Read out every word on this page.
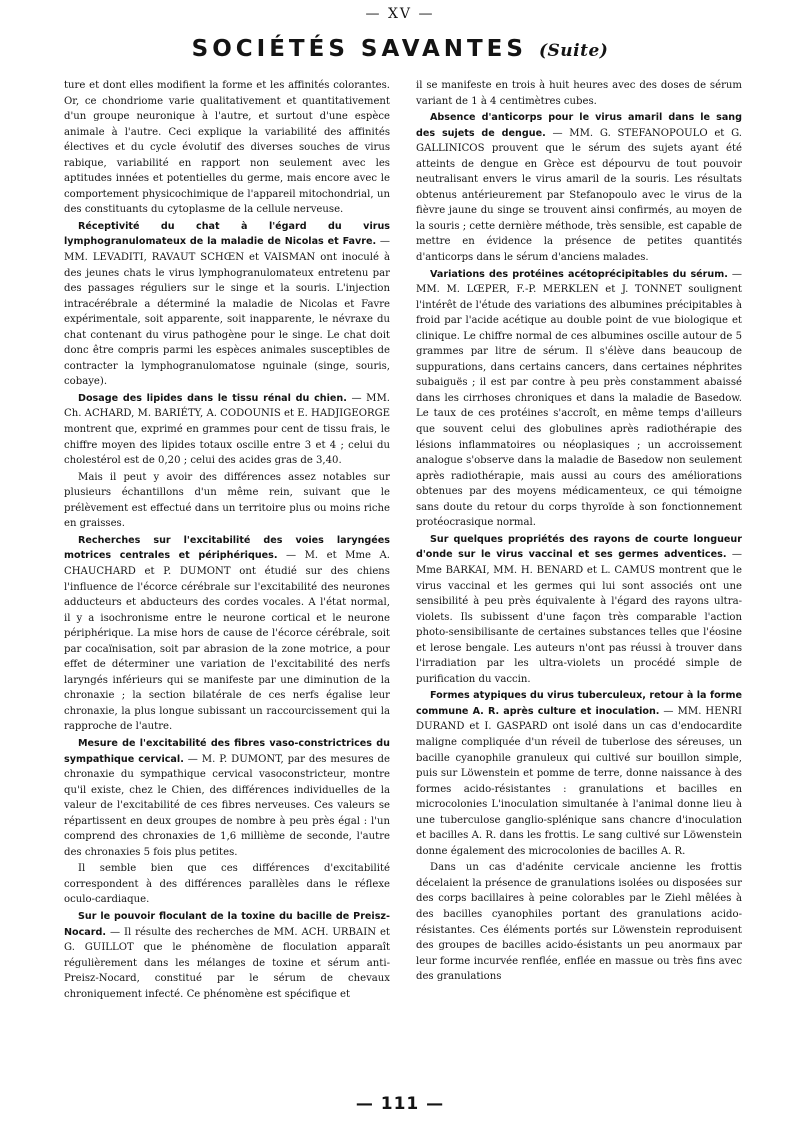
— XV —
SOCIÉTÉS SAVANTES (Suite)

ture et dont elles modifient la forme et les affinités colorantes. Or, ce chondriome varie qualitativement et quantitativement d'un groupe neuronique à l'autre, et surtout d'une espèce animale à l'autre. Ceci explique la variabilité des affinités électives et du cycle évolutif des diverses souches de virus rabique, variabilité en rapport non seulement avec les aptitudes innées et potentielles du germe, mais encore avec le comportement physicochimique de l'appareil mitochondrial, un des constituants du cytoplasme de la cellule nerveuse.

Réceptivité du chat à l'égard du virus lymphogranulomateux de la maladie de Nicolas et Favre. — MM. LEVADITI, RAVAUT SCHŒN et VAISMAN ont inoculé à des jeunes chats le virus lymphogranulomateux entretenu par des passages réguliers sur le singe et la souris. L'injection intracérébrale a déterminé la maladie de Nicolas et Favre expérimentale, soit apparente, soit inapparente, le névraxe du chat contenant du virus pathogène pour le singe. Le chat doit donc être compris parmi les espèces animales susceptibles de contracter la lymphogranulomatose nguinale (singe, souris, cobaye).

Dosage des lipides dans le tissu rénal du chien. — MM. Ch. ACHARD, M. BARIÉTY, A. CODOUNIS et E. HADJIGEORGE montrent que, exprimé en grammes pour cent de tissu frais, le chiffre moyen des lipides totaux oscille entre 3 et 4 ; celui du cholestérol est de 0,20 ; celui des acides gras de 3,40.

Mais il peut y avoir des différences assez notables sur plusieurs échantillons d'un même rein, suivant que le prélèvement est effectué dans un territoire plus ou moins riche en graisses.

Recherches sur l'excitabilité des voies laryngées motrices centrales et périphériques. — M. et Mme A. CHAUCHARD et P. DUMONT ont étudié sur des chiens l'influence de l'écorce cérébrale sur l'excitabilité des neurones adducteurs et abducteurs des cordes vocales. A l'état normal, il y a isochronisme entre le neurone cortical et le neurone périphérique. La mise hors de cause de l'écorce cérébrale, soit par cocaïnisation, soit par abrasion de la zone motrice, a pour effet de déterminer une variation de l'excitabilité des nerfs laryngés inférieurs qui se manifeste par une diminution de la chronaxie ; la section bilatérale de ces nerfs égalise leur chronaxie, la plus longue subissant un raccourcissement qui la rapproche de l'autre.

Mesure de l'excitabilité des fibres vaso-constrictrices du sympathique cervical. — M. P. DUMONT, par des mesures de chronaxie du sympathique cervical vasoconstricteur, montre qu'il existe, chez le Chien, des différences individuelles de la valeur de l'excitabilité de ces fibres nerveuses. Ces valeurs se répartissent en deux groupes de nombre à peu près égal : l'un comprend des chronaxies de 1,6 millième de seconde, l'autre des chronaxies 5 fois plus petites.

Il semble bien que ces différences d'excitabilité correspondent à des différences parallèles dans le réflexe oculo-cardiaque.

Sur le pouvoir floculant de la toxine du bacille de Preisz-Nocard. — Il résulte des recherches de MM. ACH. URBAIN et G. GUILLOT que le phénomène de floculation apparaît régulièrement dans les mélanges de toxine et sérum anti-Preisz-Nocard, constitué par le sérum de chevaux chroniquement infecté. Ce phénomène est spécifique et

il se manifeste en trois à huit heures avec des doses de sérum variant de 1 à 4 centimètres cubes.

Absence d'anticorps pour le virus amaril dans le sang des sujets de dengue. — MM. G. STEFANOPOULO et G. GALLINICOS prouvent que le sérum des sujets ayant été atteints de dengue en Grèce est dépourvu de tout pouvoir neutralisant envers le virus amaril de la souris. Les résultats obtenus antérieurement par Stefanopoulo avec le virus de la fièvre jaune du singe se trouvent ainsi confirmés, au moyen de la souris ; cette dernière méthode, très sensible, est capable de mettre en évidence la présence de petites quantités d'anticorps dans le sérum d'anciens malades.

Variations des protéines acétoprécipitables du sérum. — MM. M. LŒPER, F.-P. MERKLEN et J. TONNET soulignent l'intérêt de l'étude des variations des albumines précipitables à froid par l'acide acétique au double point de vue biologique et clinique. Le chiffre normal de ces albumines oscille autour de 5 grammes par litre de sérum. Il s'élève dans beaucoup de suppurations, dans certains cancers, dans certaines néphrites subaiguës ; il est par contre à peu près constamment abaissé dans les cirrhoses chroniques et dans la maladie de Basedow. Le taux de ces protéines s'accroît, en même temps d'ailleurs que souvent celui des globulines après radiothérapie des lésions inflammatoires ou néoplasiques ; un accroissement analogue s'observe dans la maladie de Basedow non seulement après radiothérapie, mais aussi au cours des améliorations obtenues par des moyens médicamenteux, ce qui témoigne sans doute du retour du corps thyroïde à son fonctionnement protéocrasique normal.

Sur quelques propriétés des rayons de courte longueur d'onde sur le virus vaccinal et ses germes adventices. — Mme BARKAI, MM. H. BENARD et L. CAMUS montrent que le virus vaccinal et les germes qui lui sont associés ont une sensibilité à peu près équivalente à l'égard des rayons ultra-violets. Ils subissent d'une façon très comparable l'action photo-sensibilisante de certaines substances telles que l'éosine et lerose bengale. Les auteurs n'ont pas réussi à trouver dans l'irradiation par les ultra-violets un procédé simple de purification du vaccin.

Formes atypiques du virus tuberculeux, retour à la forme commune A. R. après culture et inoculation. — MM. HENRI DURAND et I. GASPARD ont isolé dans un cas d'endocardite maligne compliquée d'un réveil de tuberlose des séreuses, un bacille cyanophile granuleux qui cultivé sur bouillon simple, puis sur Löwenstein et pomme de terre, donne naissance à des formes acido-résistantes : granulations et bacilles en microcolonies L'inoculation simultanée à l'animal donne lieu à une tuberculose ganglio-splénique sans chancre d'inoculation et bacilles A. R. dans les frottis. Le sang cultivé sur Löwenstein donne également des microcolonies de bacilles A. R.

Dans un cas d'adénite cervicale ancienne les frottis décelaient la présence de granulations isolées ou disposées sur des corps bacillaires à peine colorables par le Ziehl mêlées à des bacilles cyanophiles portant des granulations acido-résistantes. Ces éléments portés sur Löwenstein reproduisent des groupes de bacilles acido-ésistants un peu anormaux par leur forme incurvée renflée, enflée en massue ou très fins avec des granulations

— 111 —
